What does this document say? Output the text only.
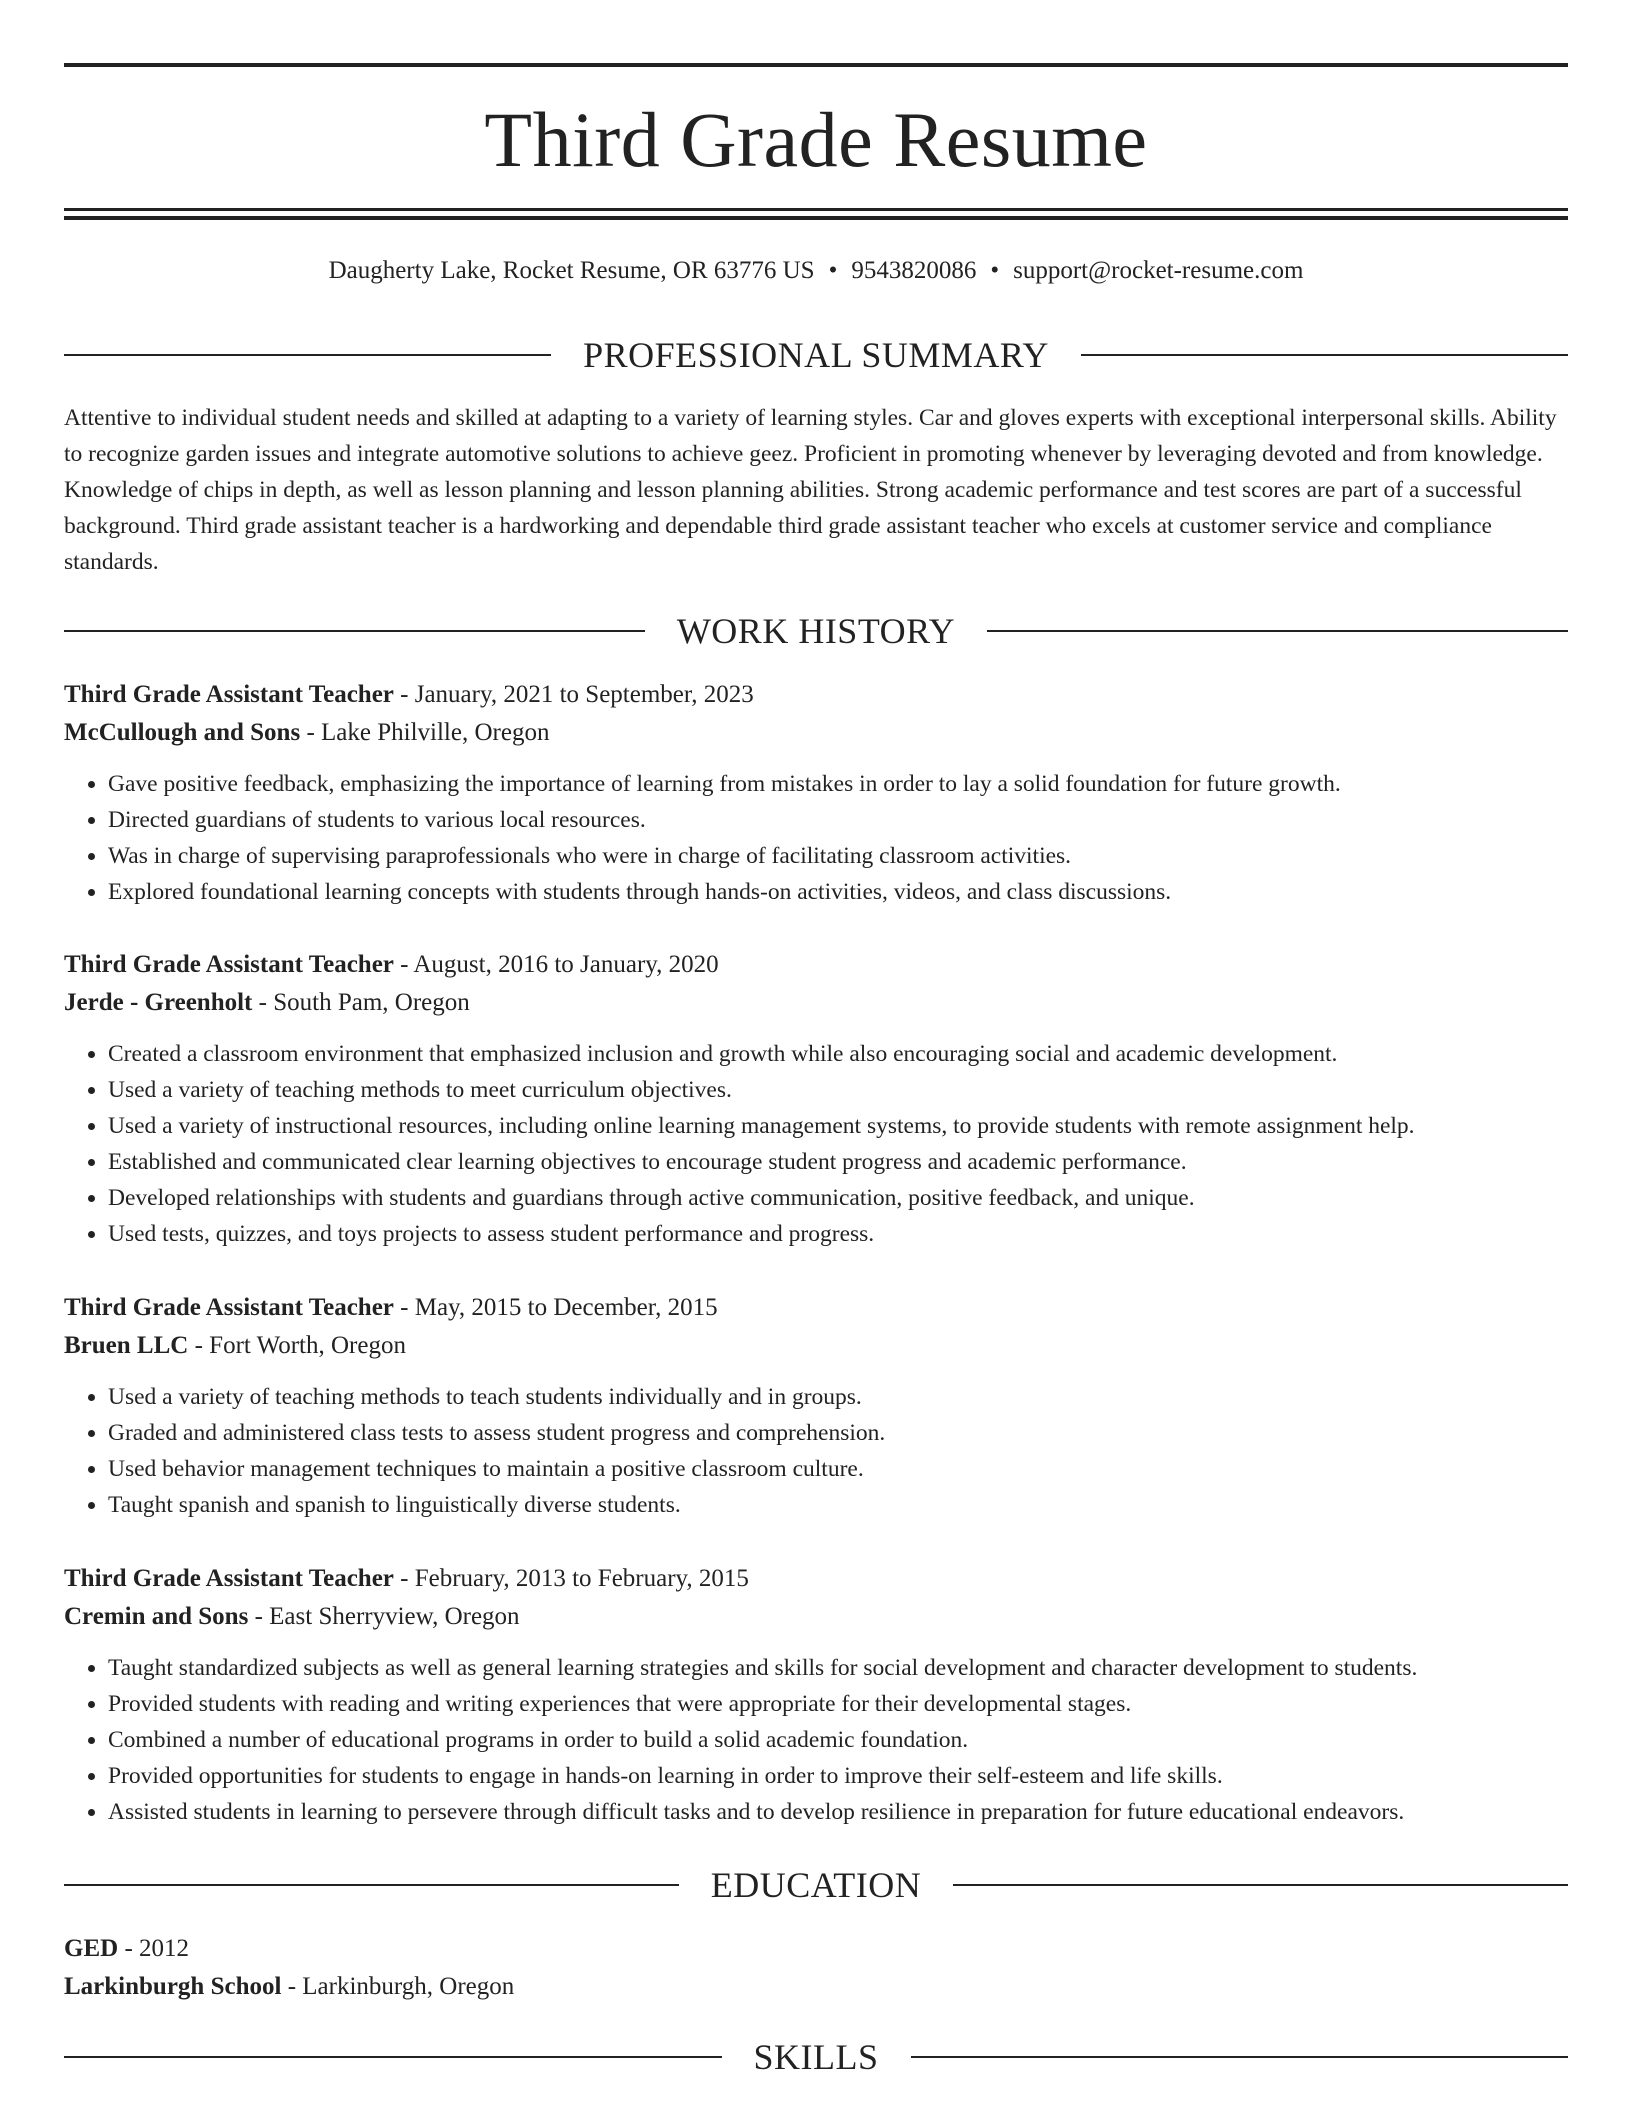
Third Grade Resume
Daugherty Lake, Rocket Resume, OR 63776 US • 9543820086 • support@rocket-resume.com
PROFESSIONAL SUMMARY

Attentive to individual student needs and skilled at adapting to a variety of learning styles. Car and gloves experts with exceptional interpersonal skills. Ability to recognize garden issues and integrate automotive solutions to achieve geez. Proficient in promoting whenever by leveraging devoted and from knowledge. Knowledge of chips in depth, as well as lesson planning and lesson planning abilities. Strong academic performance and test scores are part of a successful background. Third grade assistant teacher is a hardworking and dependable third grade assistant teacher who excels at customer service and compliance standards.

WORK HISTORY
Third Grade Assistant Teacher - January, 2021 to September, 2023
McCullough and Sons - Lake Philville, Oregon
• Gave positive feedback, emphasizing the importance of learning from mistakes in order to lay a solid foundation for future growth.
• Directed guardians of students to various local resources.
• Was in charge of supervising paraprofessionals who were in charge of facilitating classroom activities.
• Explored foundational learning concepts with students through hands-on activities, videos, and class discussions.
Third Grade Assistant Teacher - August, 2016 to January, 2020
Jerde - Greenholt - South Pam, Oregon
• Created a classroom environment that emphasized inclusion and growth while also encouraging social and academic development.
• Used a variety of teaching methods to meet curriculum objectives.
• Used a variety of instructional resources, including online learning management systems, to provide students with remote assignment help.
• Established and communicated clear learning objectives to encourage student progress and academic performance.
• Developed relationships with students and guardians through active communication, positive feedback, and unique.
• Used tests, quizzes, and toys projects to assess student performance and progress.
Third Grade Assistant Teacher - May, 2015 to December, 2015
Bruen LLC - Fort Worth, Oregon
• Used a variety of teaching methods to teach students individually and in groups.
• Graded and administered class tests to assess student progress and comprehension.
• Used behavior management techniques to maintain a positive classroom culture.
• Taught spanish and spanish to linguistically diverse students.
Third Grade Assistant Teacher - February, 2013 to February, 2015
Cremin and Sons - East Sherryview, Oregon
• Taught standardized subjects as well as general learning strategies and skills for social development and character development to students.
• Provided students with reading and writing experiences that were appropriate for their developmental stages.
• Combined a number of educational programs in order to build a solid academic foundation.
• Provided opportunities for students to engage in hands-on learning in order to improve their self-esteem and life skills.
• Assisted students in learning to persevere through difficult tasks and to develop resilience in preparation for future educational endeavors.
EDUCATION
GED - 2012
Larkinburgh School - Larkinburgh, Oregon
SKILLS
